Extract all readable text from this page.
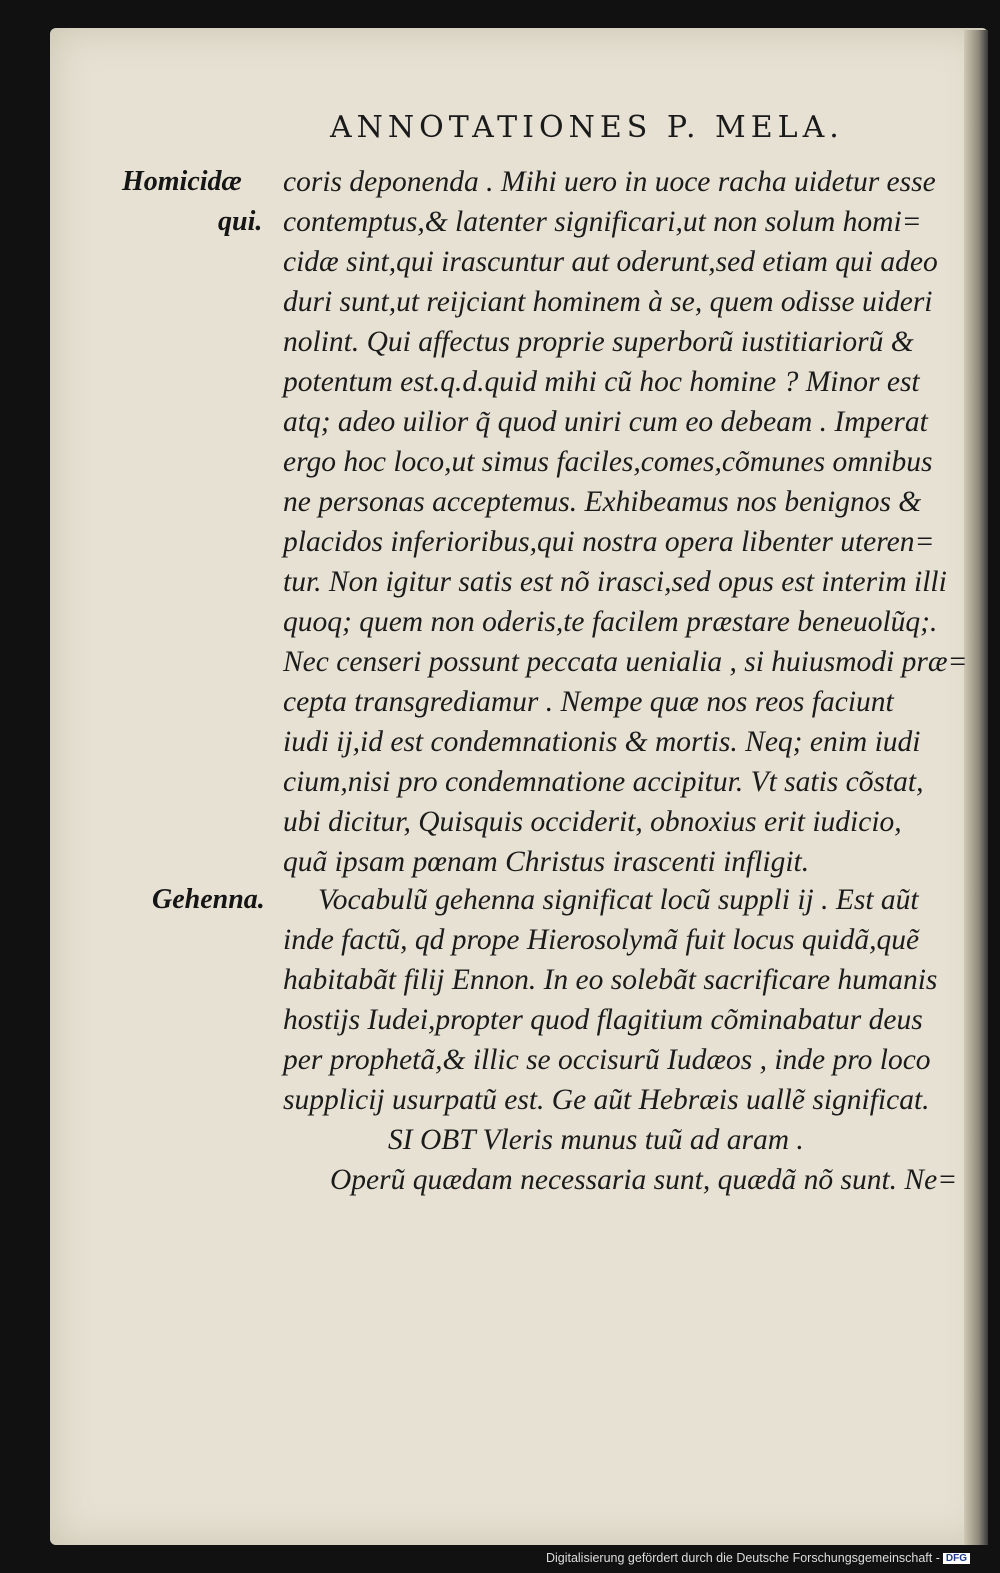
ANNOTATIONES P. MELA.
Homicidæ
qui.
Gehenna.
coris deponenda . Mihi uero in uoce racha uidetur esse
contemptus,& latenter significari,ut non solum homi=
cidæ sint,qui irascuntur aut oderunt,sed etiam qui adeo
duri sunt,ut reijciant hominem à se, quem odisse uideri
nolint. Qui affectus proprie superborũ iustitiariorũ &
potentum est.q.d.quid mihi cũ hoc homine ? Minor est
atq; adeo uilior q̃ quod uniri cum eo debeam . Imperat
ergo hoc loco,ut simus faciles,comes,cõmunes omnibus
ne personas acceptemus. Exhibeamus nos benignos &
placidos inferioribus,qui nostra opera libenter uteren=
tur. Non igitur satis est nõ irasci,sed opus est interim illi
quoq; quem non oderis,te facilem præstare beneuolũq;.
Nec censeri possunt peccata uenialia , si huiusmodi præ=
cepta transgrediamur . Nempe quæ nos reos faciunt
iudi ij,id est condemnationis & mortis. Neq; enim iudi
cium,nisi pro condemnatione accipitur. Vt satis cõstat,
ubi dicitur, Quisquis occiderit, obnoxius erit iudicio,
quã ipsam pœnam Christus irascenti infligit.
Vocabulũ gehenna significat locũ suppli ij . Est aũt
inde factũ, qd prope Hierosolymã fuit locus quidã,quẽ
habitabãt filij Ennon. In eo solebãt sacrificare humanis
hostijs Iudei,propter quod flagitium cõminabatur deus
per prophetã,& illic se occisurũ Iudæos , inde pro loco
supplicij usurpatũ est. Ge aũt Hebræis uallẽ significat.
SI OBT Vleris munus tuũ ad aram .
Operũ quædam necessaria sunt, quædã nõ sunt. Ne=
Digitalisierung gefördert durch die Deutsche Forschungsgemeinschaft - DFG
